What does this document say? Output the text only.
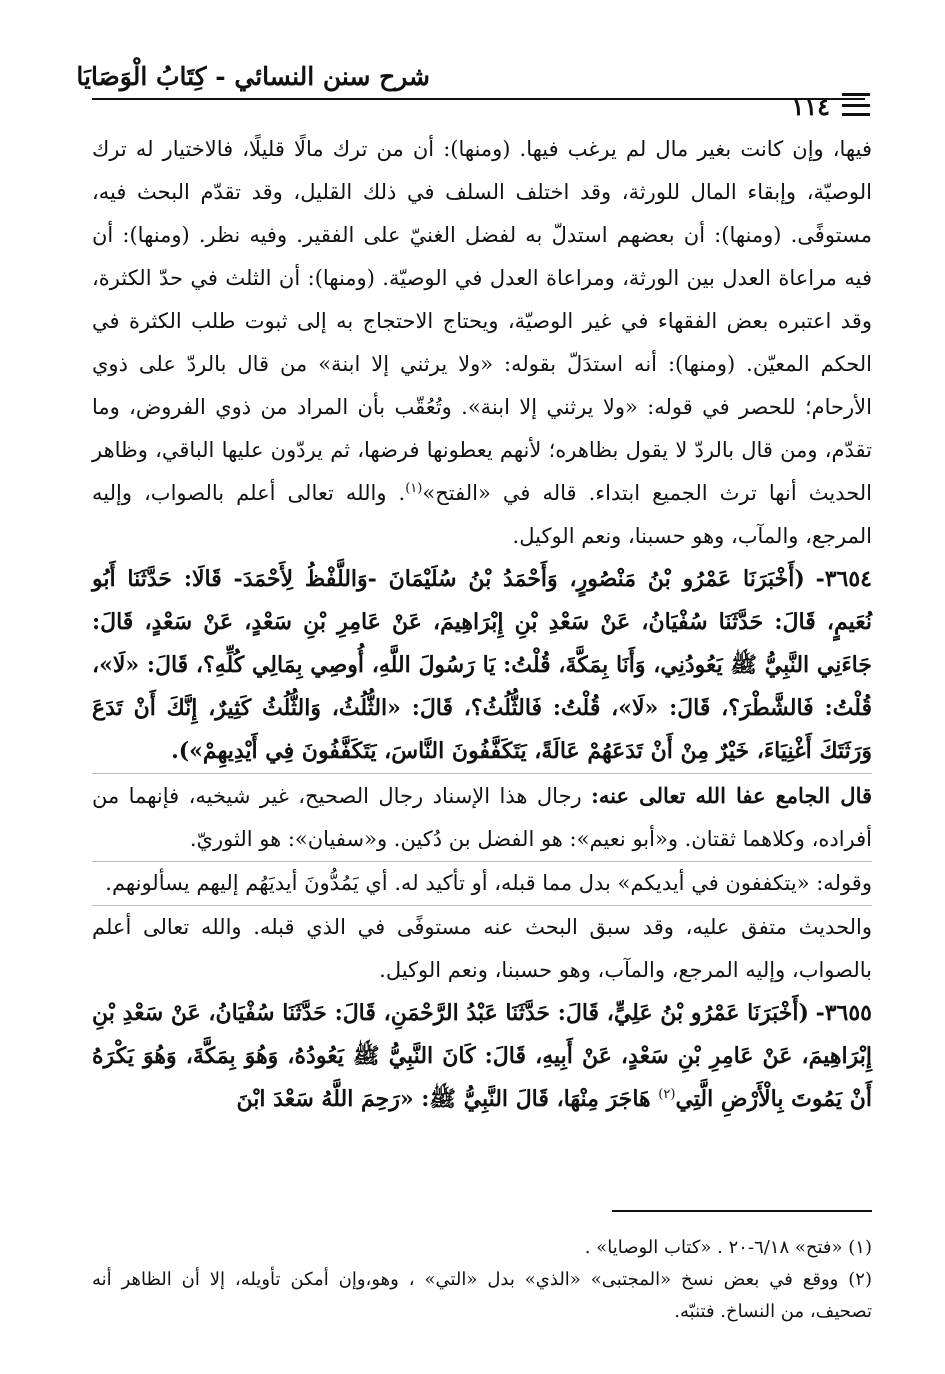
شرح سنن النسائي - كِتَابُ الْوَصَايَا
١١٤

فيها، وإن كانت بغير مال لم يرغب فيها. (ومنها): أن من ترك مالًا قليلًا، فالاختيار له ترك الوصيّة، وإبقاء المال للورثة، وقد اختلف السلف في ذلك القليل، وقد تقدّم البحث فيه، مستوفًى. (ومنها): أن بعضهم استدلّ به لفضل الغنيّ على الفقير. وفيه نظر. (ومنها): أن فيه مراعاة العدل بين الورثة، ومراعاة العدل في الوصيّة. (ومنها): أن الثلث في حدّ الكثرة، وقد اعتبره بعض الفقهاء في غير الوصيّة، ويحتاج الاحتجاج به إلى ثبوت طلب الكثرة في الحكم المعيّن. (ومنها): أنه استدَلّ بقوله: «ولا يرثني إلا ابنة» من قال بالردّ على ذوي الأرحام؛ للحصر في قوله: «ولا يرثني إلا ابنة». وتُعُقّب بأن المراد من ذوي الفروض، وما تقدّم، ومن قال بالردّ لا يقول بظاهره؛ لأنهم يعطونها فرضها، ثم يردّون عليها الباقي، وظاهر الحديث أنها ترث الجميع ابتداء. قاله في «الفتح»$^{(١)}$. والله تعالى أعلم بالصواب، وإليه المرجع، والمآب، وهو حسبنا، ونعم الوكيل.

٣٦٥٤- (أَخْبَرَنَا عَمْرُو بْنُ مَنْصُورٍ، وَأَحْمَدُ بْنُ سُلَيْمَانَ -وَاللَّفْظُ لِأَحْمَدَ- قَالَا: حَدَّثَنَا أَبُو نُعَيمٍ، قَالَ: حَدَّثَنَا سُفْيَانُ، عَنْ سَعْدِ بْنِ إِبْرَاهِيمَ، عَنْ عَامِرِ بْنِ سَعْدٍ، عَنْ سَعْدٍ، قَالَ: جَاءَنِي النَّبِيُّ ﷺ يَعُودُنِي، وَأَنَا بِمَكَّةَ، قُلْتُ: يَا رَسُولَ اللَّهِ، أُوصِي بِمَالِي كُلِّهِ؟، قَالَ: «لَا»، قُلْتُ: فَالشَّطْرَ؟، قَالَ: «لَا»، قُلْتُ: فَالثُّلُثُ؟، قَالَ: «الثُّلُثُ، وَالثُّلُثُ كَثِيرٌ، إِنَّكَ أَنْ تَدَعَ وَرَثَتَكَ أَغْنِيَاءَ، خَيْرٌ مِنْ أَنْ تَدَعَهُمْ عَالَةً، يَتَكَفَّفُونَ النَّاسَ، يَتَكَفَّفُونَ فِي أَيْدِيهِمْ»).

قال الجامع عفا الله تعالى عنه: رجال هذا الإسناد رجال الصحيح، غير شيخيه، فإنهما من أفراده، وكلاهما ثقتان. و«أبو نعيم»: هو الفضل بن دُكين. و«سفيان»: هو الثوريّ.

وقوله: «يتكففون في أيديكم» بدل مما قبله، أو تأكيد له. أي يَمُدُّونَ أيديَهُم إليهم يسألونهم.

والحديث متفق عليه، وقد سبق البحث عنه مستوفًى في الذي قبله. والله تعالى أعلم بالصواب، وإليه المرجع، والمآب، وهو حسبنا، ونعم الوكيل.

٣٦٥٥- (أَخْبَرَنَا عَمْرُو بْنُ عَلِيٍّ، قَالَ: حَدَّثَنَا عَبْدُ الرَّحْمَنِ، قَالَ: حَدَّثَنَا سُفْيَانُ، عَنْ سَعْدِ بْنِ إِبْرَاهِيمَ، عَنْ عَامِرِ بْنِ سَعْدٍ، عَنْ أَبِيهِ، قَالَ: كَانَ النَّبِيُّ ﷺ يَعُودُهُ، وَهُوَ بِمَكَّةَ، وَهُوَ يَكْرَهُ أَنْ يَمُوتَ بِالْأَرْضِ الَّتِي$^{(٢)}$ هَاجَرَ مِنْهَا، قَالَ النَّبِيُّ ﷺ: «رَحِمَ اللَّهُ سَعْدَ ابْنَ

(١) «فتح» ٦/١٨-٢٠ . «كتاب الوصايا» .

(٢) ووقع في بعض نسخ «المجتبى» «الذي» بدل «التي» ، وهو،وإن أمكن تأويله، إلا أن الظاهر أنه تصحيف، من النساخ. فتنبّه.
